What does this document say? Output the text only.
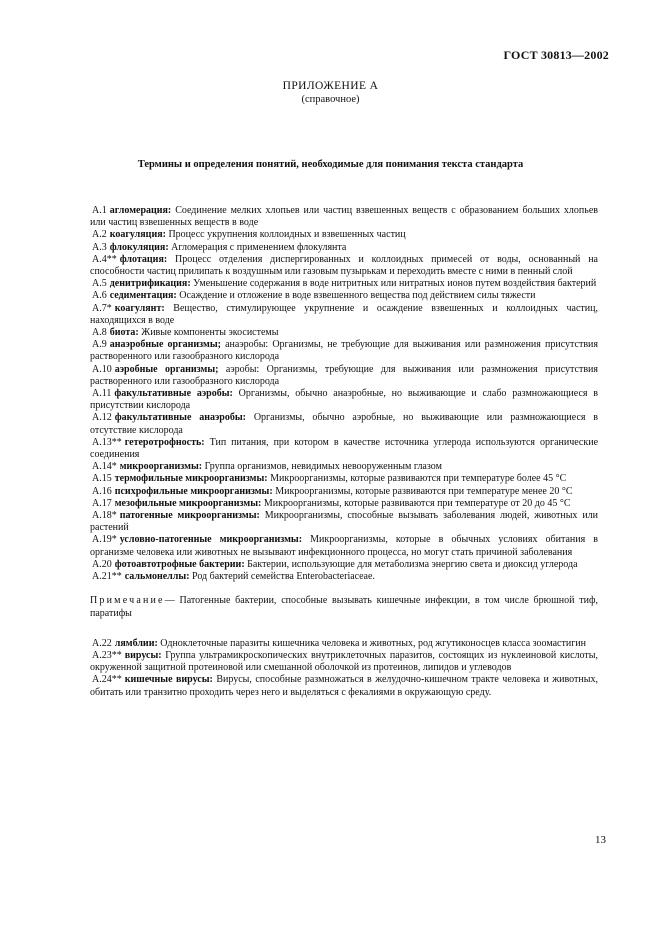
ГОСТ 30813—2002
ПРИЛОЖЕНИЕ А
(справочное)
Термины и определения понятий, необходимые для понимания текста стандарта
А.1 агломерация: Соединение мелких хлопьев или частиц взвешенных веществ с образованием больших хлопьев или частиц взвешенных веществ в воде
А.2 коагуляция: Процесс укрупнения коллоидных и взвешенных частиц
А.3 флокуляция: Агломерация с применением флокулянта
А.4** флотация: Процесс отделения диспергированных и коллоидных примесей от воды, основанный на способности частиц прилипать к воздушным или газовым пузырькам и переходить вместе с ними в пенный слой
А.5 денитрификация: Уменьшение содержания в воде нитритных или нитратных ионов путем воздействия бактерий
А.6 седиментация: Осаждение и отложение в воде взвешенного вещества под действием силы тяжести
А.7* коагулянт: Вещество, стимулирующее укрупнение и осаждение взвешенных и коллоидных частиц, находящихся в воде
А.8 биота: Живые компоненты экосистемы
А.9 анаэробные организмы; анаэробы: Организмы, не требующие для выживания или размножения присутствия растворенного или газообразного кислорода
А.10 аэробные организмы; аэробы: Организмы, требующие для выживания или размножения присутствия растворенного или газообразного кислорода
А.11 факультативные аэробы: Организмы, обычно анаэробные, но выживающие и слабо размножающиеся в присутствии кислорода
А.12 факультативные анаэробы: Организмы, обычно аэробные, но выживающие или размножающиеся в отсутствие кислорода
А.13** гетеротрофность: Тип питания, при котором в качестве источника углерода используются органические соединения
А.14* микроорганизмы: Группа организмов, невидимых невооруженным глазом
А.15 термофильные микроорганизмы: Микроорганизмы, которые развиваются при температуре более 45 °С
А.16 психрофильные микроорганизмы: Микроорганизмы, которые развиваются при температуре менее 20 °С
А.17 мезофильные микроорганизмы: Микроорганизмы, которые развиваются при температуре от 20 до 45 °С
А.18* патогенные микроорганизмы: Микроорганизмы, способные вызывать заболевания людей, животных или растений
А.19* условно-патогенные микроорганизмы: Микроорганизмы, которые в обычных условиях обитания в организме человека или животных не вызывают инфекционного процесса, но могут стать причиной заболевания
А.20 фотоавтотрофные бактерии: Бактерии, использующие для метаболизма энергию света и диоксид углерода
А.21** сальмонеллы: Род бактерий семейства Enterobacteriaceae.
Примечание— Патогенные бактерии, способные вызывать кишечные инфекции, в том числе брюшной тиф, паратифы
А.22 лямблии: Одноклеточные паразиты кишечника человека и животных, род жгутиконосцев класса зоомастигин
А.23** вирусы: Группа ультрамикроскопических внутриклеточных паразитов, состоящих из нуклеиновой кислоты, окруженной защитной протеиновой или смешанной оболочкой из протеинов, липидов и углеводов
А.24** кишечные вирусы: Вирусы, способные размножаться в желудочно-кишечном тракте человека и животных, обитать или транзитно проходить через него и выделяться с фекалиями в окружающую среду.
13
